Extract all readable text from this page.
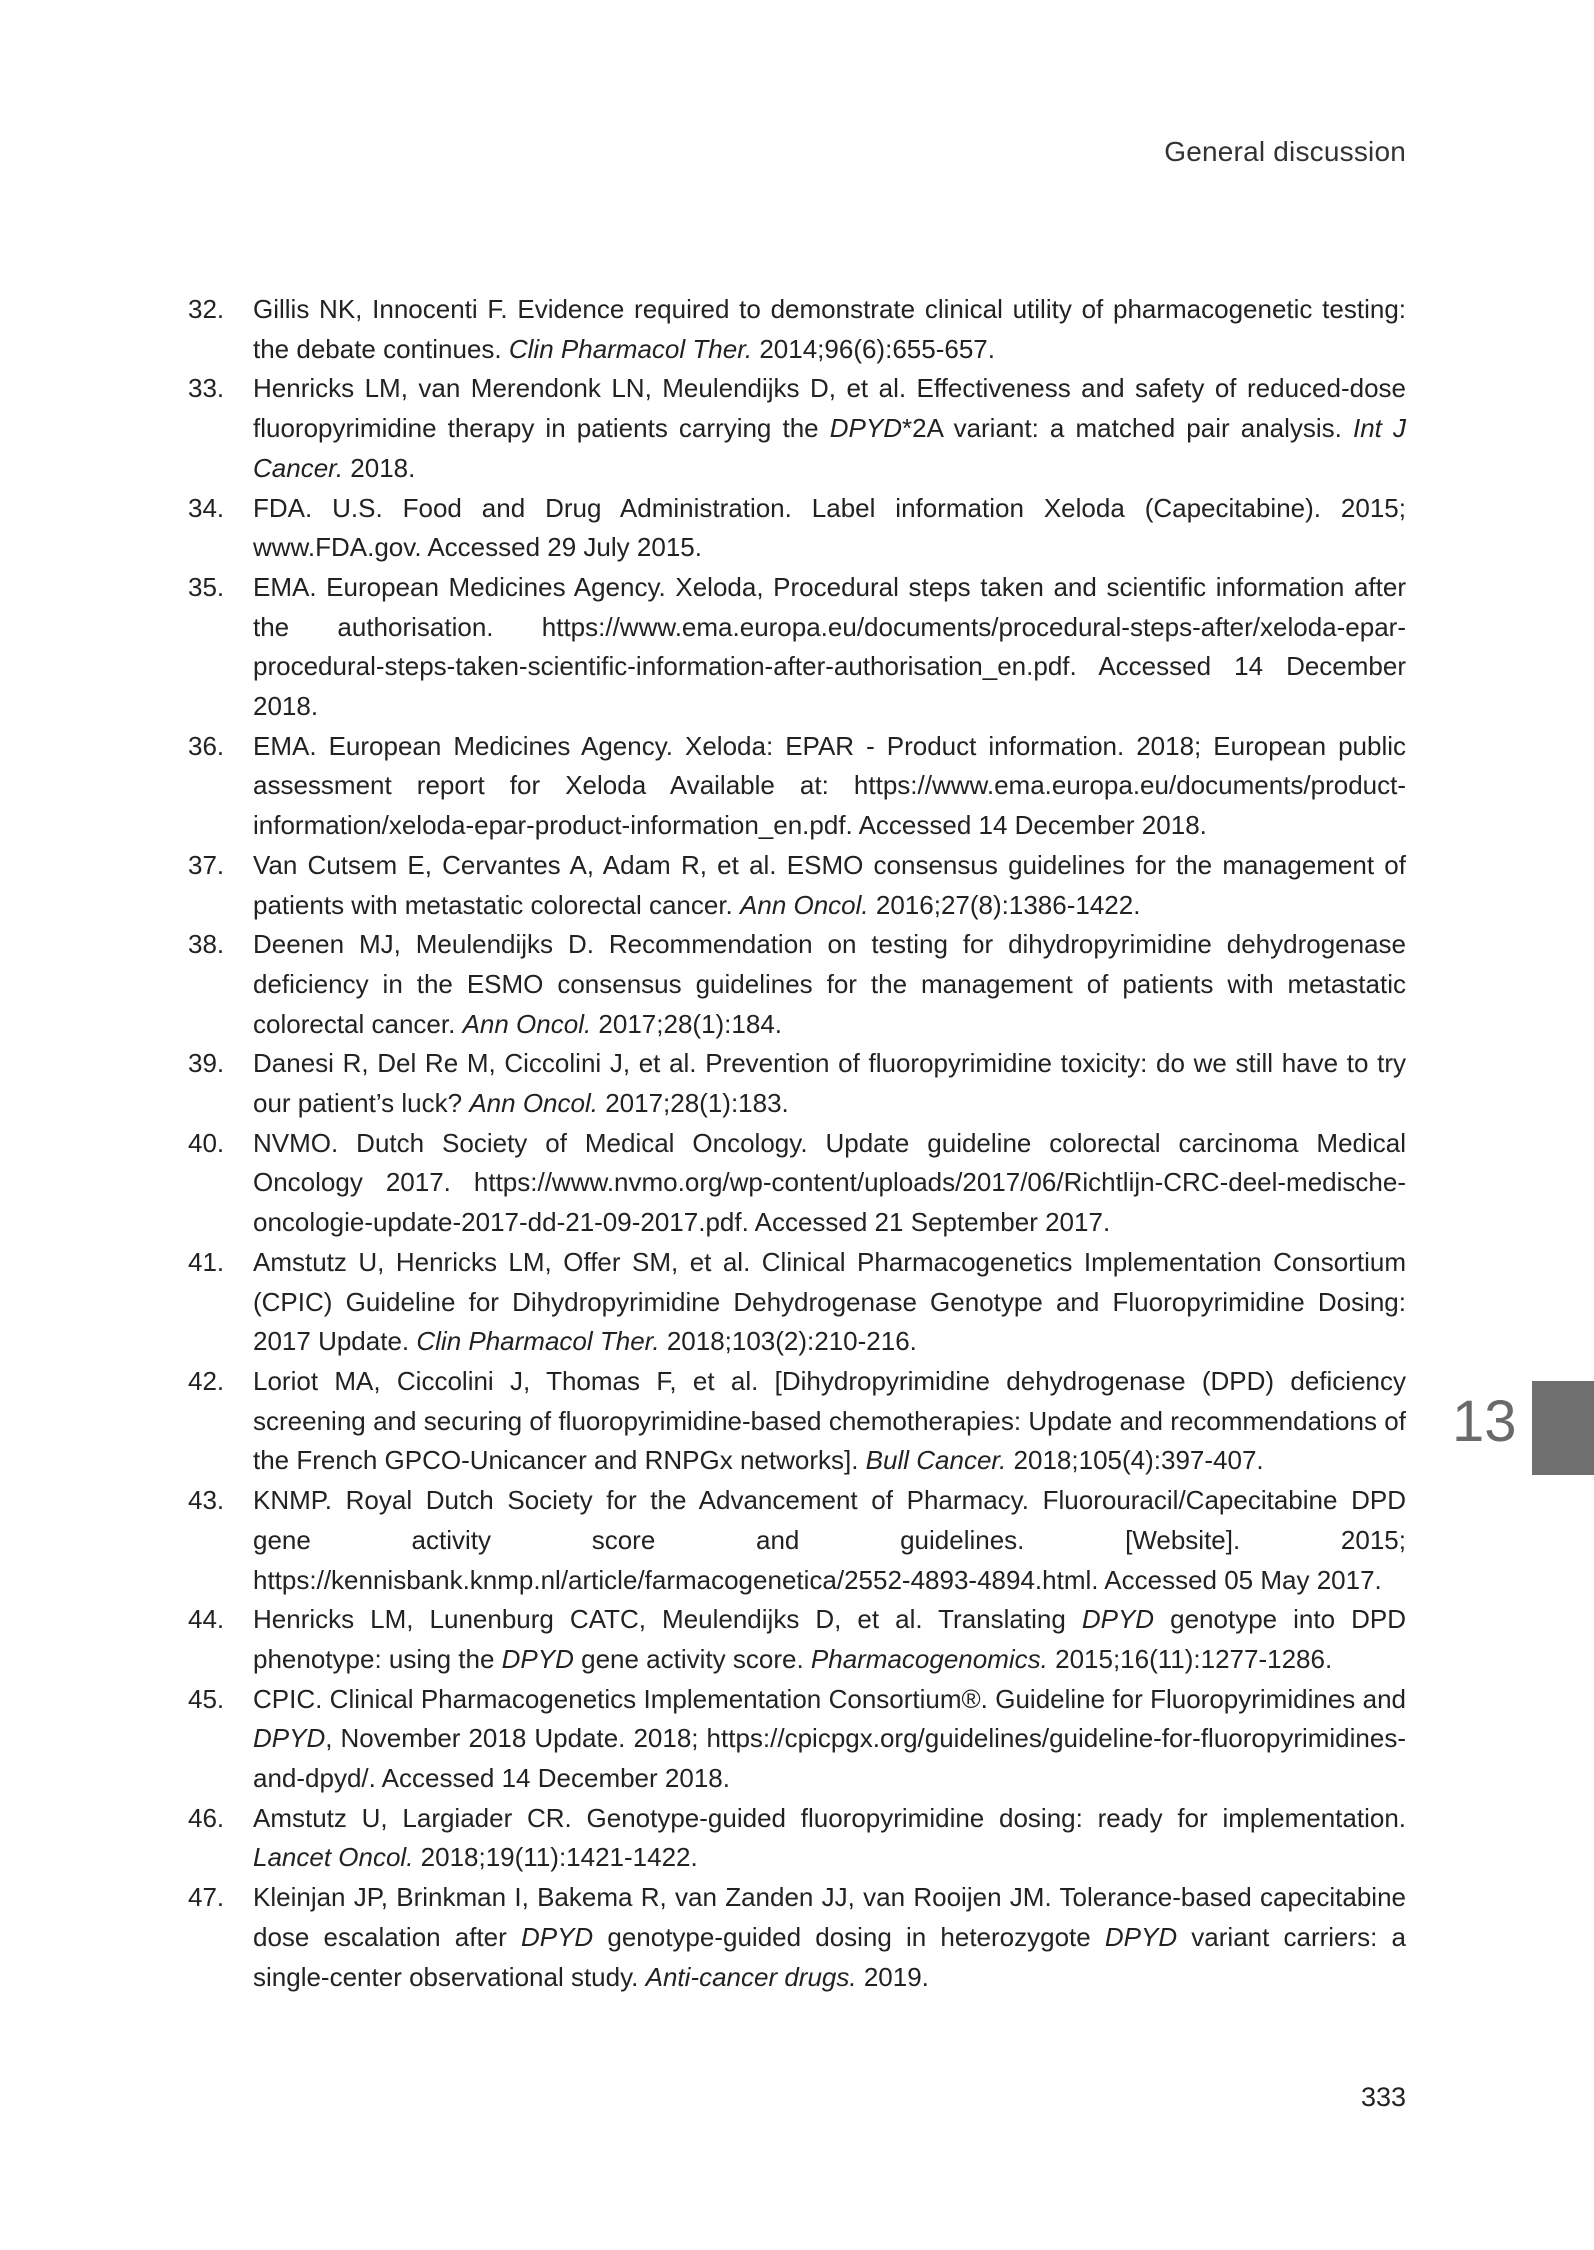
General discussion
32. Gillis NK, Innocenti F. Evidence required to demonstrate clinical utility of pharmacogenetic testing: the debate continues. Clin Pharmacol Ther. 2014;96(6):655-657.
33. Henricks LM, van Merendonk LN, Meulendijks D, et al. Effectiveness and safety of reduced-dose fluoropyrimidine therapy in patients carrying the DPYD*2A variant: a matched pair analysis. Int J Cancer. 2018.
34. FDA. U.S. Food and Drug Administration. Label information Xeloda (Capecitabine). 2015; www.FDA.gov. Accessed 29 July 2015.
35. EMA. European Medicines Agency. Xeloda, Procedural steps taken and scientific information after the authorisation. https://www.ema.europa.eu/documents/procedural-steps-after/xeloda-epar-procedural-steps-taken-scientific-information-after-authorisation_en.pdf. Accessed 14 December 2018.
36. EMA. European Medicines Agency. Xeloda: EPAR - Product information. 2018; European public assessment report for Xeloda Available at: https://www.ema.europa.eu/documents/product-information/xeloda-epar-product-information_en.pdf. Accessed 14 December 2018.
37. Van Cutsem E, Cervantes A, Adam R, et al. ESMO consensus guidelines for the management of patients with metastatic colorectal cancer. Ann Oncol. 2016;27(8):1386-1422.
38. Deenen MJ, Meulendijks D. Recommendation on testing for dihydropyrimidine dehydrogenase deficiency in the ESMO consensus guidelines for the management of patients with metastatic colorectal cancer. Ann Oncol. 2017;28(1):184.
39. Danesi R, Del Re M, Ciccolini J, et al. Prevention of fluoropyrimidine toxicity: do we still have to try our patient’s luck? Ann Oncol. 2017;28(1):183.
40. NVMO. Dutch Society of Medical Oncology. Update guideline colorectal carcinoma Medical Oncology 2017. https://www.nvmo.org/wp-content/uploads/2017/06/Richtlijn-CRC-deel-medische-oncologie-update-2017-dd-21-09-2017.pdf. Accessed 21 September 2017.
41. Amstutz U, Henricks LM, Offer SM, et al. Clinical Pharmacogenetics Implementation Consortium (CPIC) Guideline for Dihydropyrimidine Dehydrogenase Genotype and Fluoropyrimidine Dosing: 2017 Update. Clin Pharmacol Ther. 2018;103(2):210-216.
42. Loriot MA, Ciccolini J, Thomas F, et al. [Dihydropyrimidine dehydrogenase (DPD) deficiency screening and securing of fluoropyrimidine-based chemotherapies: Update and recommendations of the French GPCO-Unicancer and RNPGx networks]. Bull Cancer. 2018;105(4):397-407.
43. KNMP. Royal Dutch Society for the Advancement of Pharmacy. Fluorouracil/Capecitabine DPD gene activity score and guidelines. [Website]. 2015; https://kennisbank.knmp.nl/article/farmacogenetica/2552-4893-4894.html. Accessed 05 May 2017.
44. Henricks LM, Lunenburg CATC, Meulendijks D, et al. Translating DPYD genotype into DPD phenotype: using the DPYD gene activity score. Pharmacogenomics. 2015;16(11):1277-1286.
45. CPIC. Clinical Pharmacogenetics Implementation Consortium®. Guideline for Fluoropyrimidines and DPYD, November 2018 Update. 2018; https://cpicpgx.org/guidelines/guideline-for-fluoropyrimidines-and-dpyd/. Accessed 14 December 2018.
46. Amstutz U, Largiader CR. Genotype-guided fluoropyrimidine dosing: ready for implementation. Lancet Oncol. 2018;19(11):1421-1422.
47. Kleinjan JP, Brinkman I, Bakema R, van Zanden JJ, van Rooijen JM. Tolerance-based capecitabine dose escalation after DPYD genotype-guided dosing in heterozygote DPYD variant carriers: a single-center observational study. Anti-cancer drugs. 2019.
13
333
